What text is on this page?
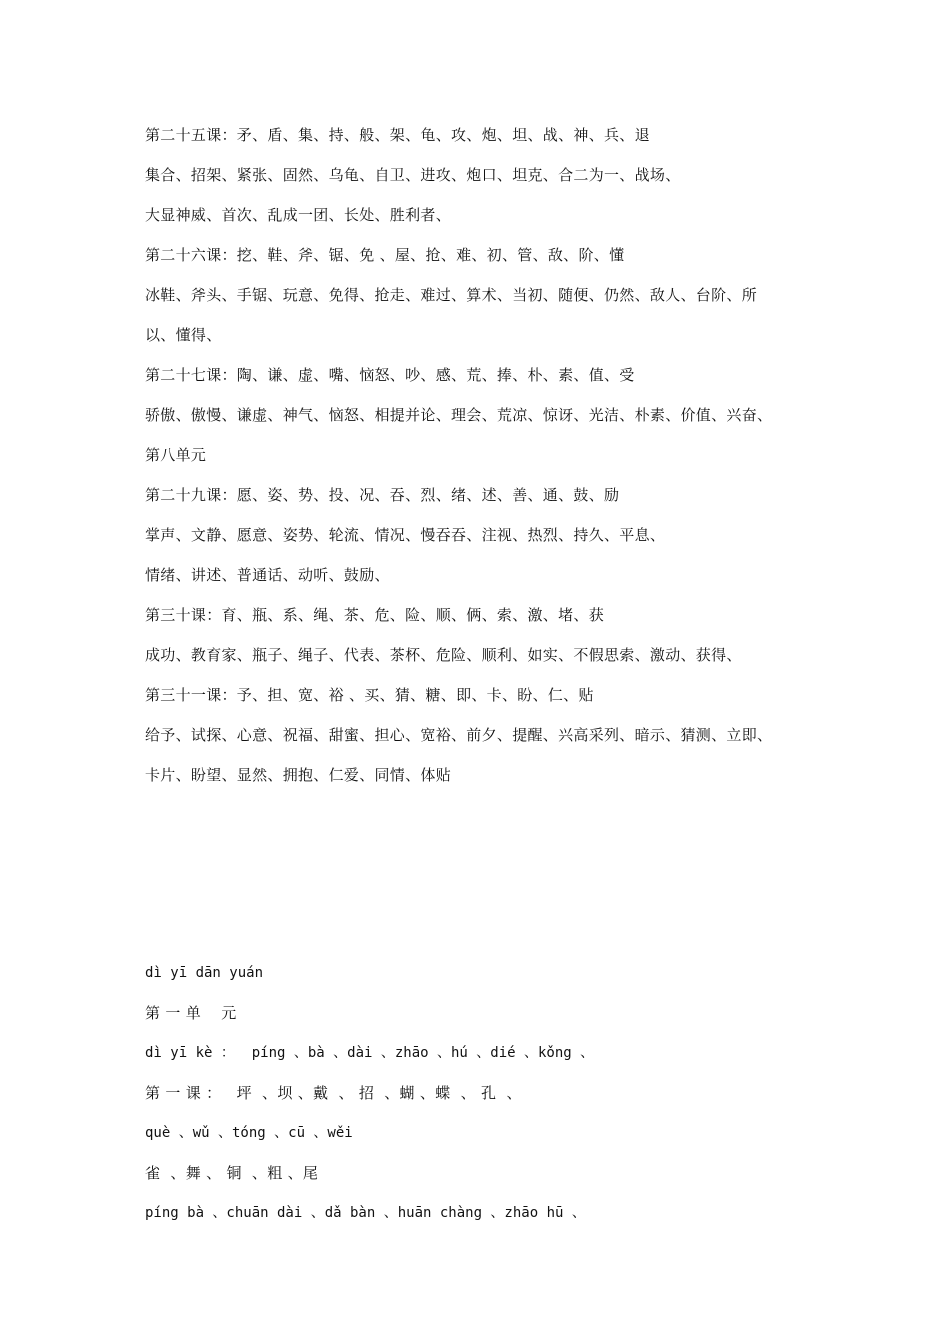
第二十五课：矛、盾、集、持、般、架、龟、攻、炮、坦、战、神、兵、退
集合、招架、紧张、固然、乌龟、自卫、进攻、炮口、坦克、合二为一、战场、
大显神威、首次、乱成一团、长处、胜利者、
第二十六课：挖、鞋、斧、锯、免 、屋、抢、难、初、管、敌、阶、懂
冰鞋、斧头、手锯、玩意、免得、抢走、难过、算术、当初、随便、仍然、敌人、台阶、所
以、懂得、
第二十七课：陶、谦、虚、嘴、恼怒、吵、感、荒、捧、朴、素、值、受
骄傲、傲慢、谦虚、神气、恼怒、相提并论、理会、荒凉、惊讶、光洁、朴素、价值、兴奋、
第八单元
第二十九课：愿、姿、势、投、况、吞、烈、绪、述、善、通、鼓、励
掌声、文静、愿意、姿势、轮流、情况、慢吞吞、注视、热烈、持久、平息、
情绪、讲述、普通话、动听、鼓励、
第三十课：育、瓶、系、绳、茶、危、险、顺、俩、索、激、堵、获
成功、教育家、瓶子、绳子、代表、茶杯、危险、顺利、如实、不假思索、激动、获得、
第三十一课：予、担、宽、裕 、买、猜、糖、即、卡、盼、仁、贴
给予、试探、心意、祝福、甜蜜、担心、宽裕、前夕、提醒、兴高采列、暗示、猜测、立即、
卡片、盼望、显然、拥抱、仁爱、同情、体贴
dì yī dān yuán
第 一 单    元
dì yī kè ：  píng 、bà 、dài 、zhāo 、hú 、dié 、kǒng 、
第 一 课 ：   坪  、坝 、戴  、 招  、蝴 、蝶  、 孔  、
què 、wǔ 、tóng 、cū 、wěi
雀  、舞 、 铜  、粗 、尾
píng bà 、chuān dài 、dǎ bàn 、huān chàng 、zhāo hū 、
